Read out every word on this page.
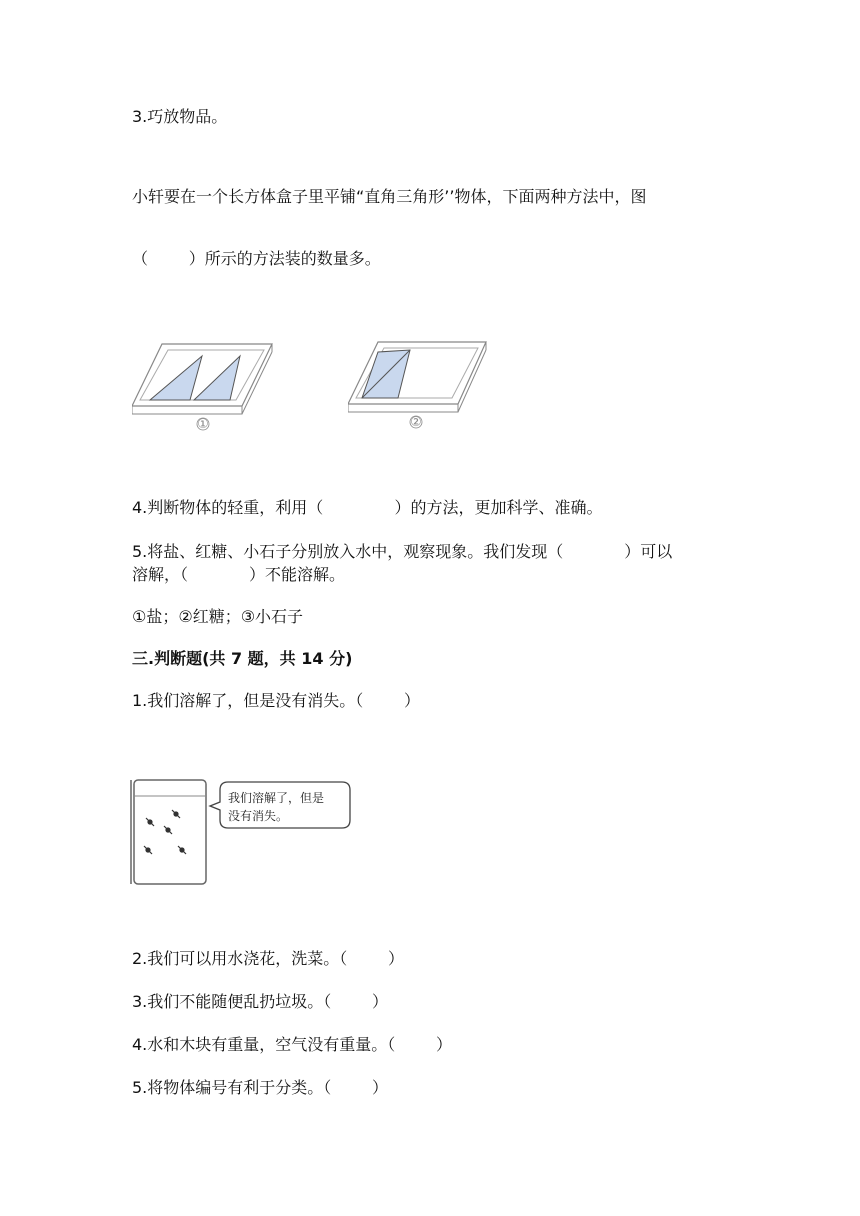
3.巧放物品。
小轩要在一个长方体盒子里平铺“直角三角形’’物体，下面两种方法中，图
（        ）所示的方法装的数量多。
①	②
4.判断物体的轻重，利用（              ）的方法，更加科学、准确。
5.将盐、红糖、小石子分别放入水中，观察现象。我们发现（            ）可以
溶解，（            ）不能溶解。
①盐；②红糖；③小石子
三.判断题(共 7 题，共 14 分)
1.我们溶解了，但是没有消失。（        ）
我们溶解了，但是
没有消失。
2.我们可以用水浇花，洗菜。（        ）
3.我们不能随便乱扔垃圾。（        ）
4.水和木块有重量，空气没有重量。（        ）
5.将物体编号有利于分类。（        ）
